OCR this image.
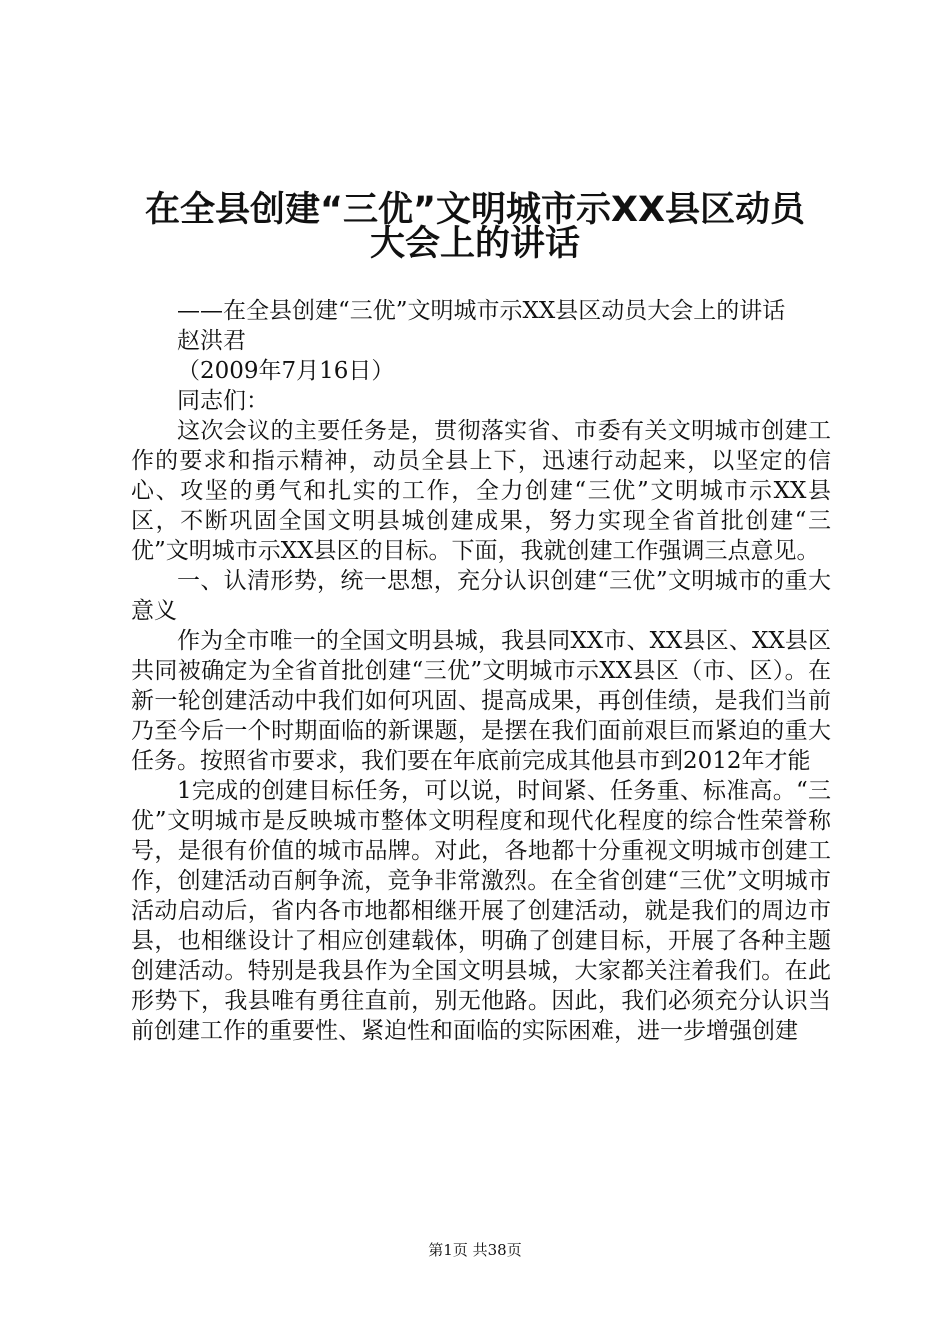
在全县创建“三优”文明城市示XX县区动员
大会上的讲话

——在全县创建“三优”文明城市示XX县区动员大会上的讲话

赵洪君

（2009年7月16日）

同志们：

这次会议的主要任务是，贯彻落实省、市委有关文明城市创建工作的要求和指示精神，动员全县上下，迅速行动起来，以坚定的信心、攻坚的勇气和扎实的工作，全力创建“三优”文明城市示XX县区，不断巩固全国文明县城创建成果，努力实现全省首批创建“三优”文明城市示XX县区的目标。下面，我就创建工作强调三点意见。

一、认清形势，统一思想，充分认识创建“三优”文明城市的重大意义

作为全市唯一的全国文明县城，我县同XX市、XX县区、XX县区共同被确定为全省首批创建“三优”文明城市示XX县区（市、区）。在新一轮创建活动中我们如何巩固、提高成果，再创佳绩，是我们当前乃至今后一个时期面临的新课题，是摆在我们面前艰巨而紧迫的重大任务。按照省市要求，我们要在年底前完成其他县市到2012年才能

1完成的创建目标任务，可以说，时间紧、任务重、标准高。“三优”文明城市是反映城市整体文明程度和现代化程度的综合性荣誉称号，是很有价值的城市品牌。对此，各地都十分重视文明城市创建工作，创建活动百舸争流，竞争非常激烈。在全省创建“三优”文明城市活动启动后，省内各市地都相继开展了创建活动，就是我们的周边市县，也相继设计了相应创建载体，明确了创建目标，开展了各种主题创建活动。特别是我县作为全国文明县城，大家都关注着我们。在此形势下，我县唯有勇往直前，别无他路。因此，我们必须充分认识当前创建工作的重要性、紧迫性和面临的实际困难，进一步增强创建

第1页 共38页
